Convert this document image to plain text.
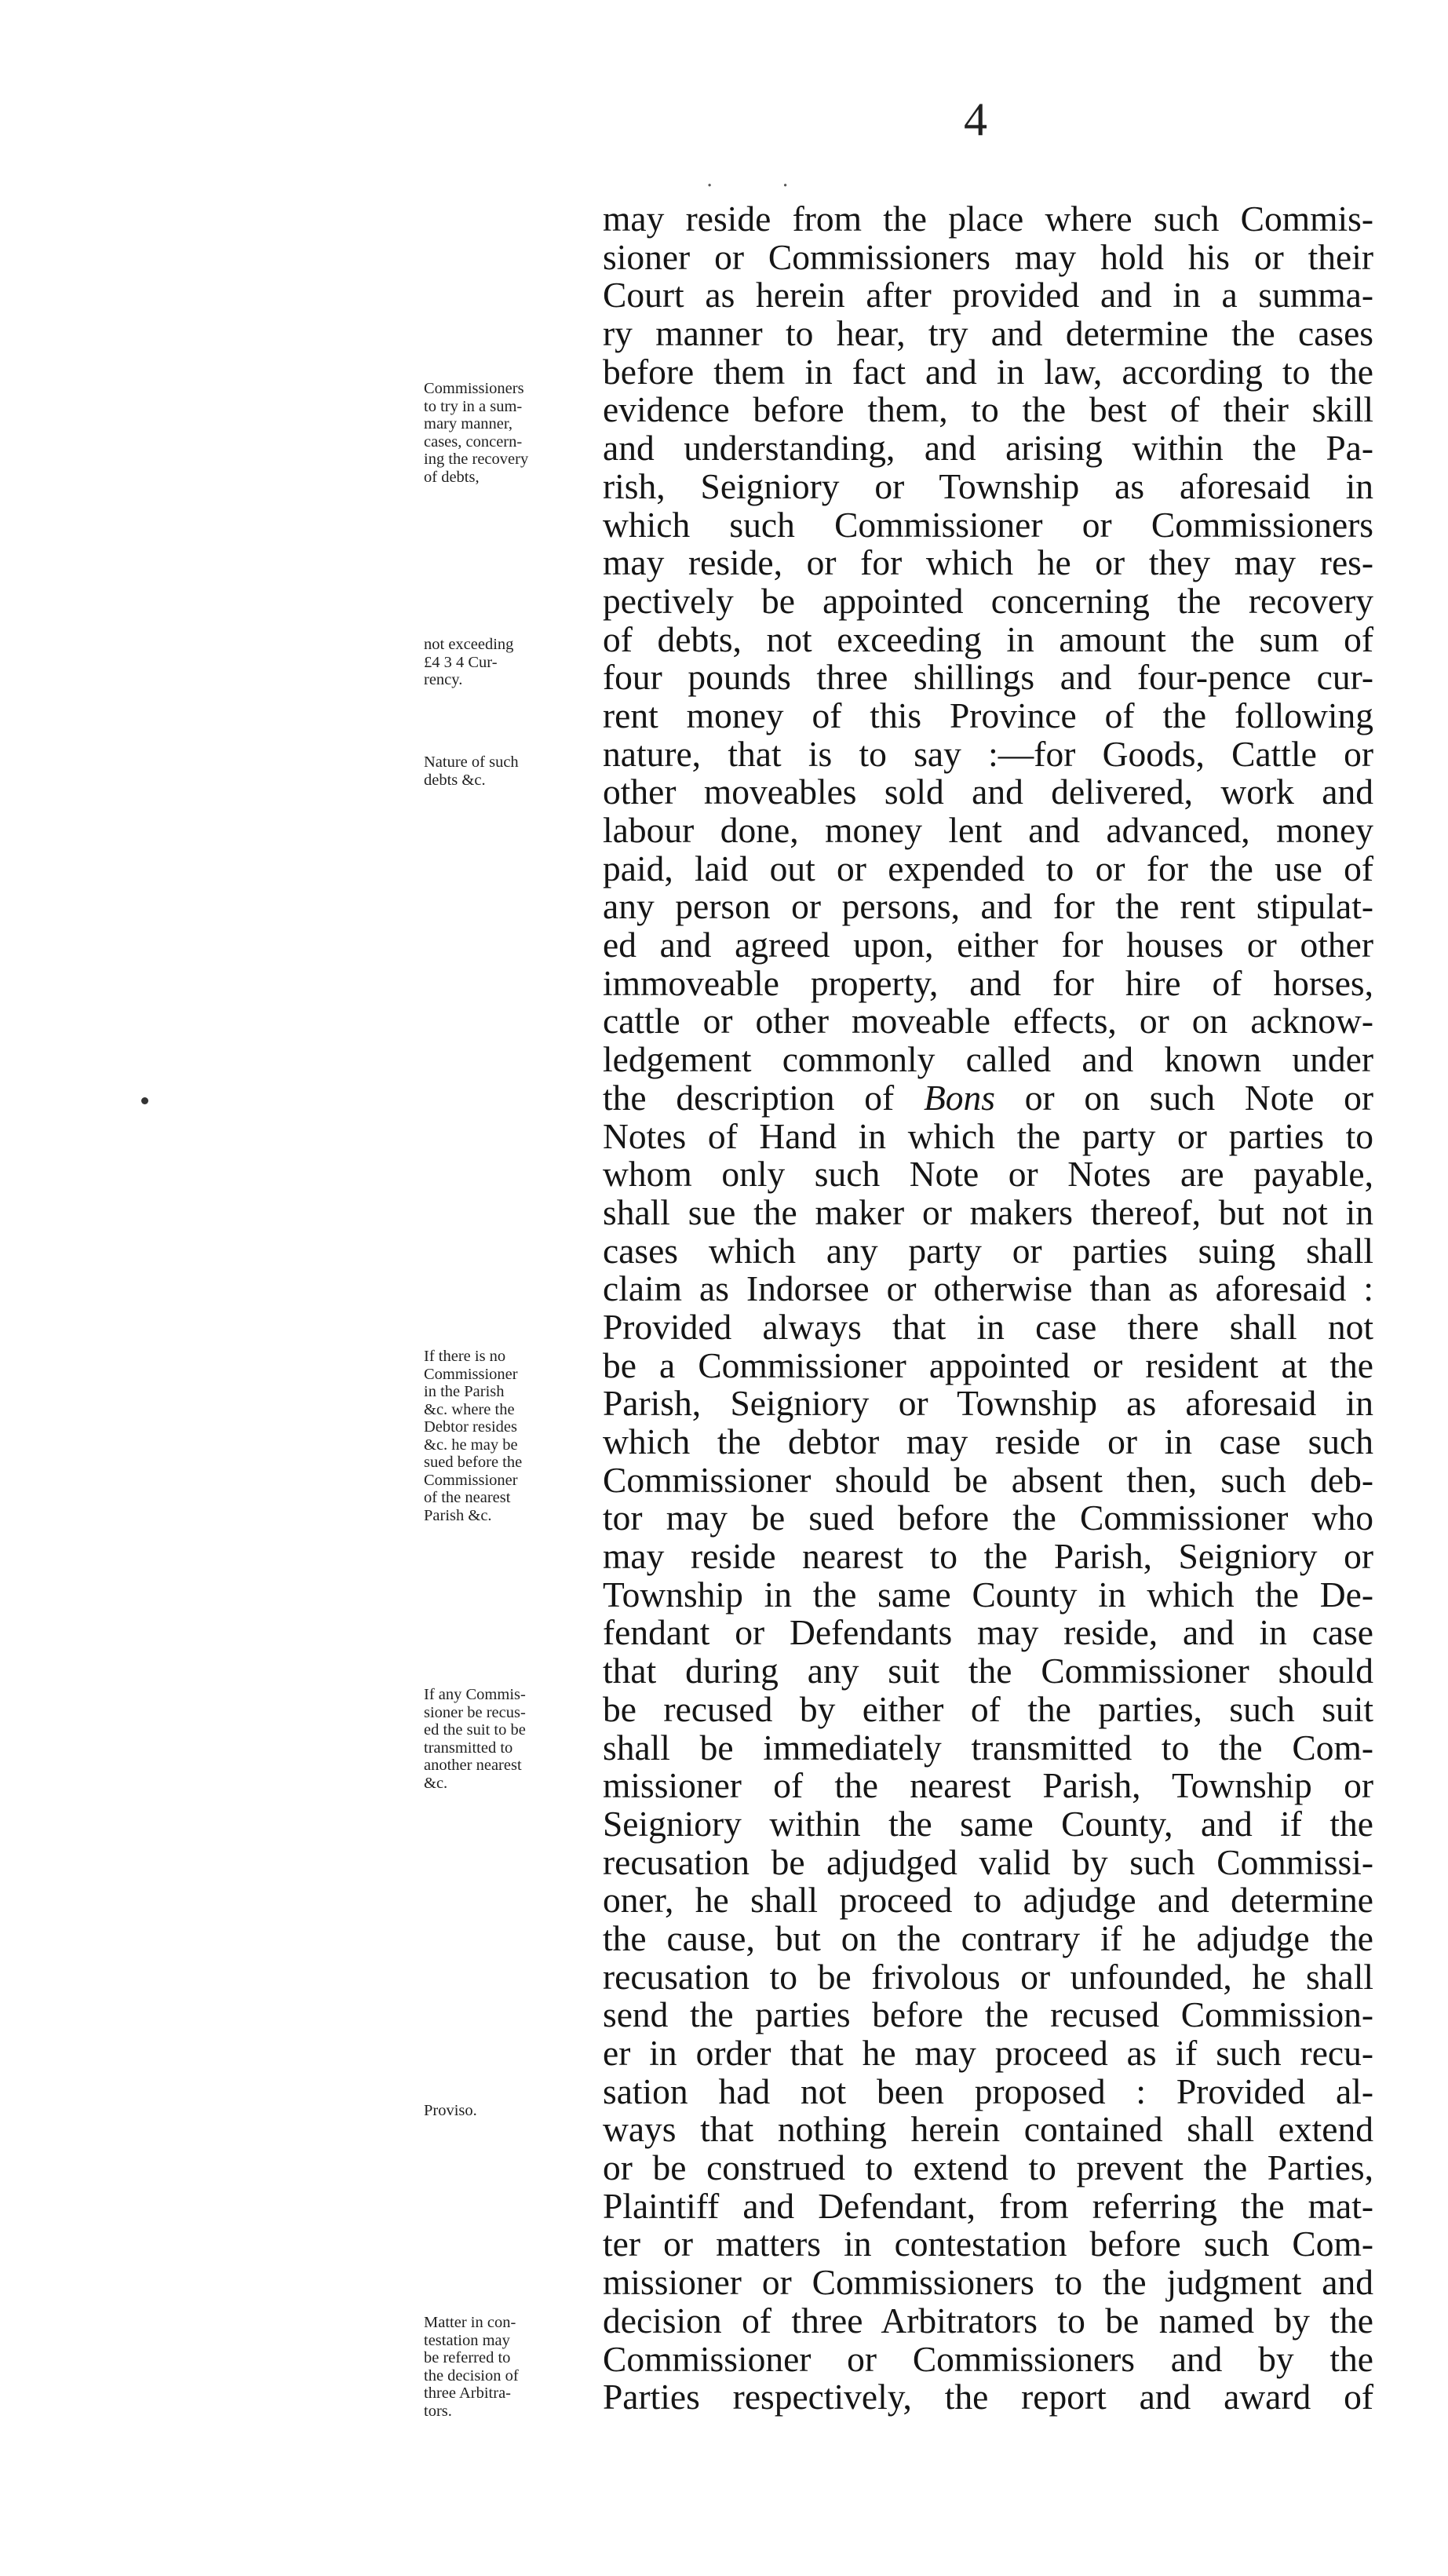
4
· ·
may reside from the place where such Commis-
sioner or Commissioners may hold his or their
Court as herein after provided and in a summa-
ry manner to hear, try and determine the cases
before them in fact and in law, according to the
evidence before them, to the best of their skill
and understanding, and arising within the Pa-
rish, Seigniory or Township as aforesaid in
which such Commissioner or Commissioners
may reside, or for which he or they may res-
pectively be appointed concerning the recovery
of debts, not exceeding in amount the sum of
four pounds three shillings and four-pence cur-
rent money of this Province of the following
nature, that is to say :—for Goods, Cattle or
other moveables sold and delivered, work and
labour done, money lent and advanced, money
paid, laid out or expended to or for the use of
any person or persons, and for the rent stipulat-
ed and agreed upon, either for houses or other
immoveable property, and for hire of horses,
cattle or other moveable effects, or on acknow-
ledgement commonly called and known under
the description of Bons or on such Note or
Notes of Hand in which the party or parties to
whom only such Note or Notes are payable,
shall sue the maker or makers thereof, but not in
cases which any party or parties suing shall
claim as Indorsee or otherwise than as aforesaid :
Provided always that in case there shall not
be a Commissioner appointed or resident at the
Parish, Seigniory or Township as aforesaid in
which the debtor may reside or in case such
Commissioner should be absent then, such deb-
tor may be sued before the Commissioner who
may reside nearest to the Parish, Seigniory or
Township in the same County in which the De-
fendant or Defendants may reside, and in case
that during any suit the Commissioner should
be recused by either of the parties, such suit
shall be immediately transmitted to the Com-
missioner of the nearest Parish, Township or
Seigniory within the same County, and if the
recusation be adjudged valid by such Commissi-
oner, he shall proceed to adjudge and determine
the cause, but on the contrary if he adjudge the
recusation to be frivolous or unfounded, he shall
send the parties before the recused Commission-
er in order that he may proceed as if such recu-
sation had not been proposed : Provided al-
ways that nothing herein contained shall extend
or be construed to extend to prevent the Parties,
Plaintiff and Defendant, from referring the mat-
ter or matters in contestation before such Com-
missioner or Commissioners to the judgment and
decision of three Arbitrators to be named by the
Commissioner or Commissioners and by the
Parties respectively, the report and award of
Commissioners
to try in a sum-
mary manner,
cases, concern-
ing the recovery
of debts,
not exceeding
£4 3 4 Cur-
rency.
Nature of such
debts &c.
If there is no
Commissioner
in the Parish
&c. where the
Debtor resides
&c. he may be
sued before the
Commissioner
of the nearest
Parish &c.
If any Commis-
sioner be recus-
ed the suit to be
transmitted to
another nearest
&c.
Proviso.
Matter in con-
testation may
be referred to
the decision of
three Arbitra-
tors.
